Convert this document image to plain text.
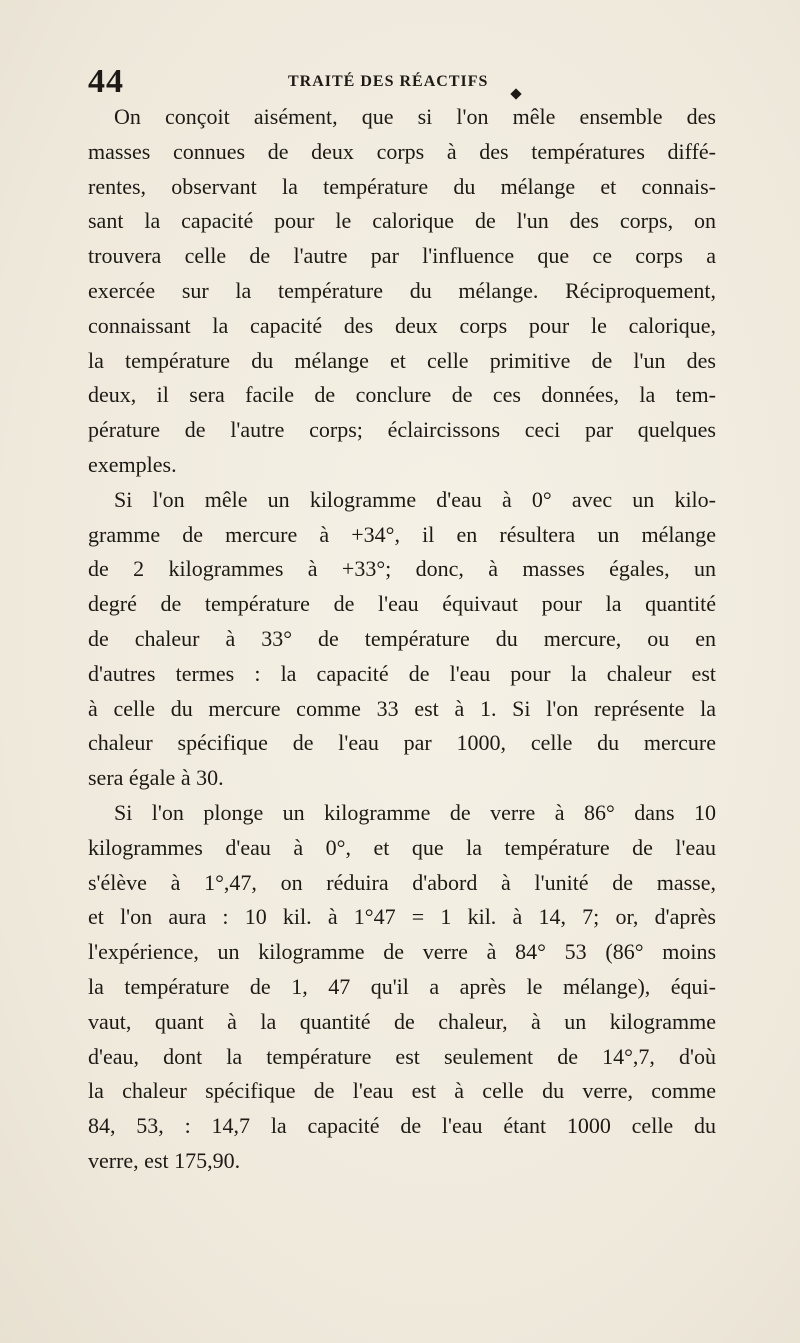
44	TRAITÉ DES RÉACTIFS
On conçoit aisément, que si l'on mêle ensemble des
masses connues de deux corps à des températures diffé-
rentes, observant la température du mélange et connais-
sant la capacité pour le calorique de l'un des corps, on
trouvera celle de l'autre par l'influence que ce corps a
exercée sur la température du mélange. Réciproquement,
connaissant la capacité des deux corps pour le calorique,
la température du mélange et celle primitive de l'un des
deux, il sera facile de conclure de ces données, la tem-
pérature de l'autre corps; éclaircissons ceci par quelques
exemples.
Si l'on mêle un kilogramme d'eau à 0° avec un kilo-
gramme de mercure à +34°, il en résultera un mélange
de 2 kilogrammes à +33°; donc, à masses égales, un
degré de température de l'eau équivaut pour la quantité
de chaleur à 33° de température du mercure, ou en
d'autres termes : la capacité de l'eau pour la chaleur est
à celle du mercure comme 33 est à 1. Si l'on représente la
chaleur spécifique de l'eau par 1000, celle du mercure
sera égale à 30.
Si l'on plonge un kilogramme de verre à 86° dans 10
kilogrammes d'eau à 0°, et que la température de l'eau
s'élève à 1°,47, on réduira d'abord à l'unité de masse,
et l'on aura : 10 kil. à 1°47 = 1 kil. à 14, 7; or, d'après
l'expérience, un kilogramme de verre à 84° 53 (86° moins
la température de 1, 47 qu'il a après le mélange), équi-
vaut, quant à la quantité de chaleur, à un kilogramme
d'eau, dont la température est seulement de 14°,7, d'où
la chaleur spécifique de l'eau est à celle du verre, comme
84, 53, : 14,7 la capacité de l'eau étant 1000 celle du
verre, est 175,90.
